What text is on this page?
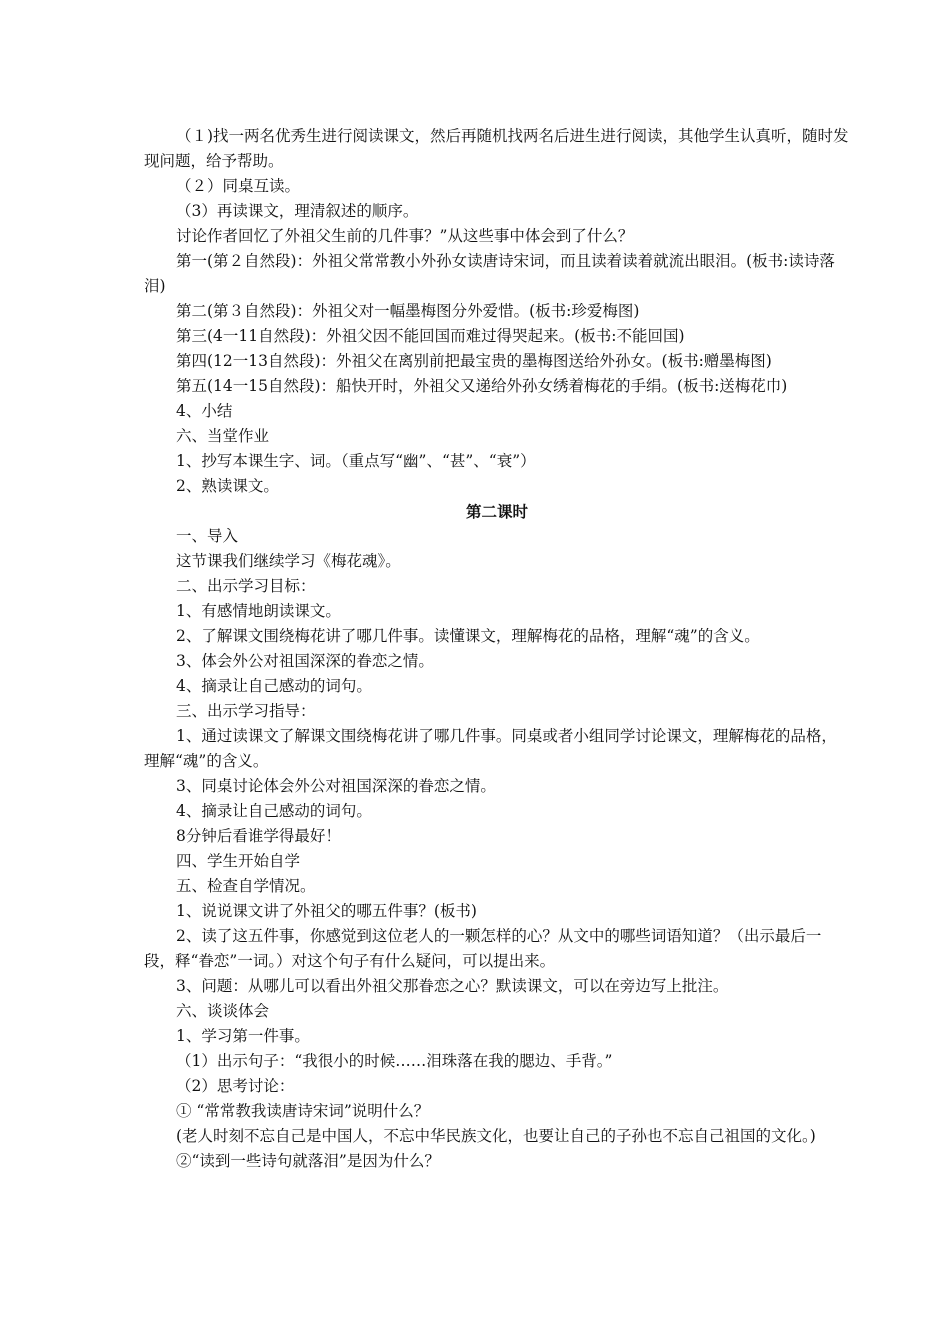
（１)找一两名优秀生进行阅读课文，然后再随机找两名后进生进行阅读，其他学生认真听，随时发现问题，给予帮助。

（２）同桌互读。

（3）再读课文，理清叙述的顺序。

讨论作者回忆了外祖父生前的几件事？”从这些事中体会到了什么？

第一(第２自然段)：外祖父常常教小外孙女读唐诗宋词，而且读着读着就流出眼泪。(板书:读诗落泪)

第二(第３自然段)：外祖父对一幅墨梅图分外爱惜。(板书:珍爱梅图)

第三(4一11自然段)：外祖父因不能回国而难过得哭起来。(板书:不能回国)

第四(12一13自然段)：外祖父在离别前把最宝贵的墨梅图送给外孙女。(板书:赠墨梅图)

第五(14一15自然段)：船快开时，外祖父又递给外孙女绣着梅花的手绢。(板书:送梅花巾)

4、小结

六、当堂作业

1、抄写本课生字、词。（重点写“幽”、“甚”、“衰”）

2、熟读课文。

第二课时

一、导入

这节课我们继续学习《梅花魂》。

二、出示学习目标：

1、有感情地朗读课文。

2、了解课文围绕梅花讲了哪几件事。读懂课文，理解梅花的品格，理解“魂”的含义。

3、体会外公对祖国深深的眷恋之情。

4、摘录让自己感动的词句。

三、出示学习指导：

1、通过读课文了解课文围绕梅花讲了哪几件事。同桌或者小组同学讨论课文，理解梅花的品格，理解“魂”的含义。

3、同桌讨论体会外公对祖国深深的眷恋之情。

4、摘录让自己感动的词句。

8分钟后看谁学得最好！

四、学生开始自学

五、检查自学情况。

1、说说课文讲了外祖父的哪五件事？(板书)

2、读了这五件事，你感觉到这位老人的一颗怎样的心？从文中的哪些词语知道？（出示最后一段，释“眷恋”一词。）对这个句子有什么疑问，可以提出来。

3、问题：从哪儿可以看出外祖父那眷恋之心？默读课文，可以在旁边写上批注。

六、谈谈体会

1、学习第一件事。

（1）出示句子：“我很小的时候……泪珠落在我的腮边、手背。”

（2）思考讨论：

① “常常教我读唐诗宋词”说明什么？

(老人时刻不忘自己是中国人，不忘中华民族文化，也要让自己的子孙也不忘自己祖国的文化。)

②“读到一些诗句就落泪”是因为什么？
